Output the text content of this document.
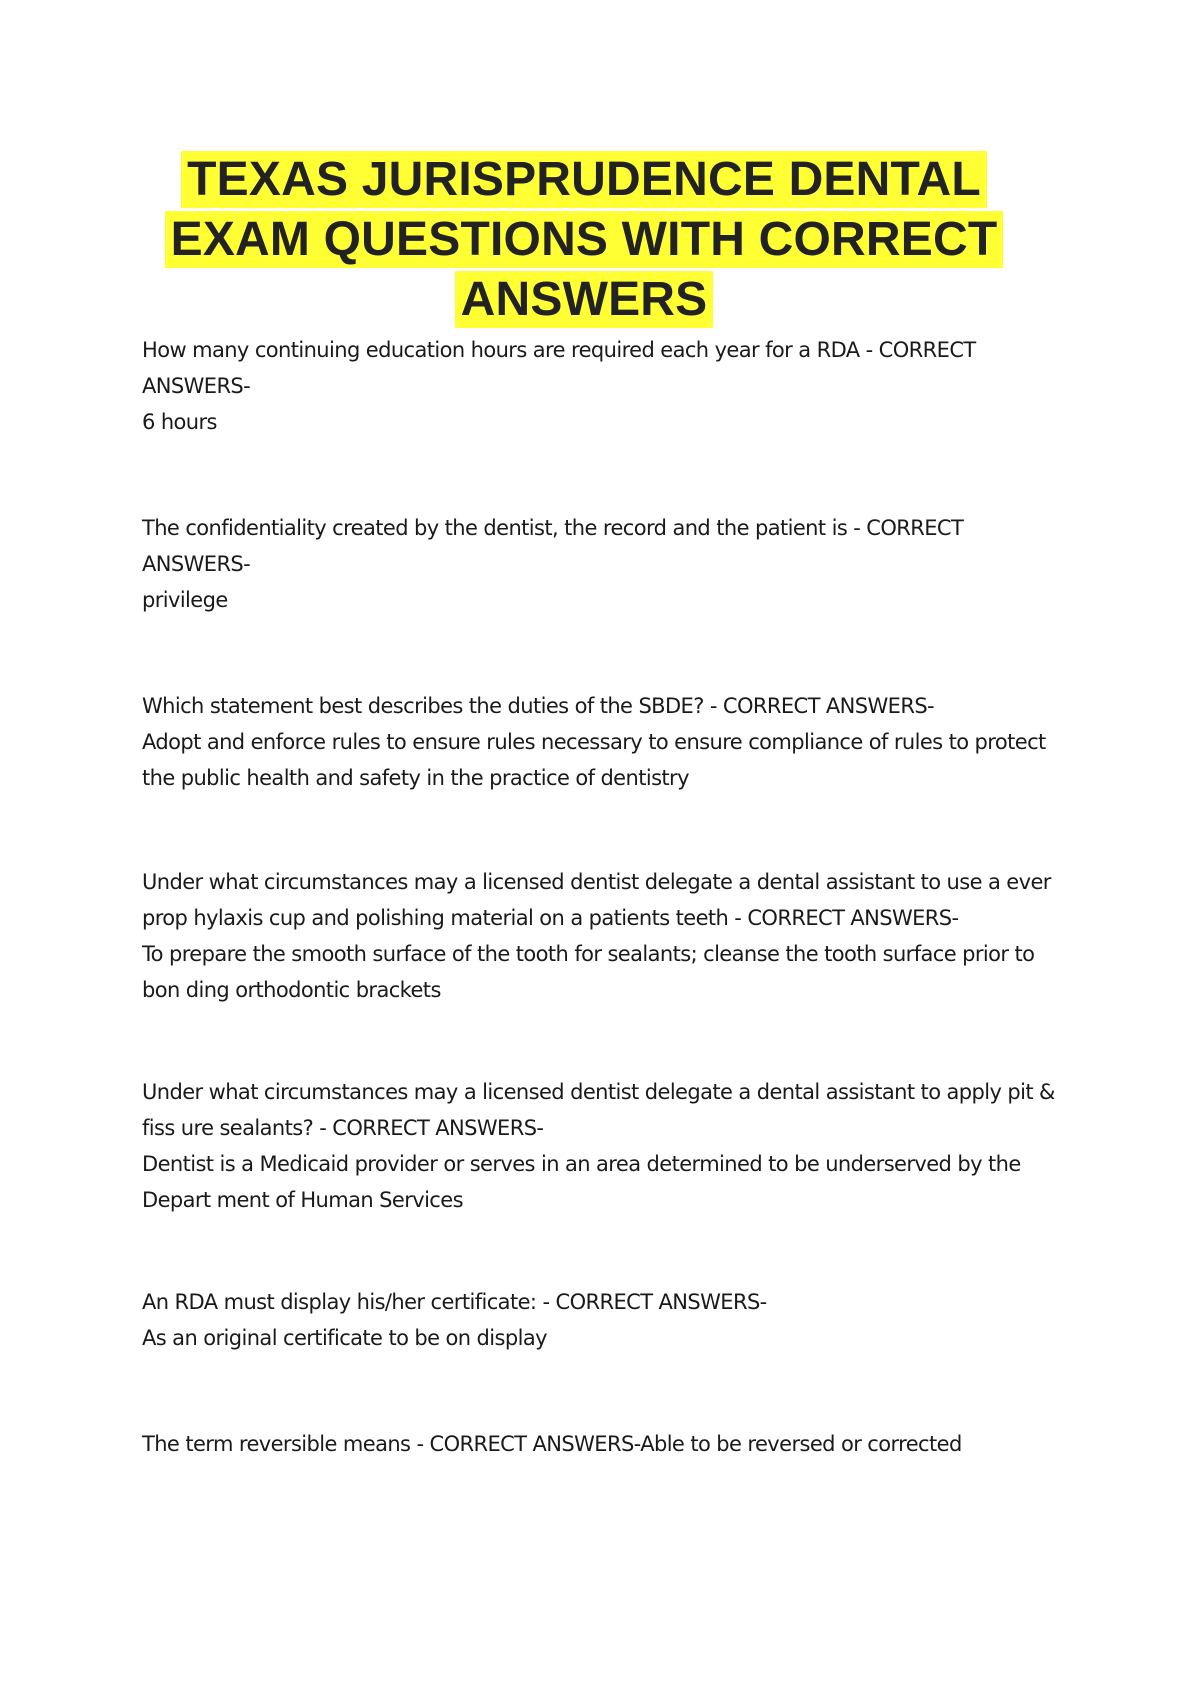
TEXAS JURISPRUDENCE DENTAL
EXAM QUESTIONS WITH CORRECT
ANSWERS

How many continuing education hours are required each year for a RDA - CORRECT ANSWERS-
6 hours

The confidentiality created by the dentist, the record and the patient is - CORRECT ANSWERS-
privilege

Which statement best describes the duties of the SBDE? - CORRECT ANSWERS-
Adopt and enforce rules to ensure rules necessary to ensure compliance of rules to protect the public health and safety in the practice of dentistry

Under what circumstances may a licensed dentist delegate a dental assistant to use a ever prop hylaxis cup and polishing material on a patients teeth - CORRECT ANSWERS-
To prepare the smooth surface of the tooth for sealants; cleanse the tooth surface prior to bon ding orthodontic brackets

Under what circumstances may a licensed dentist delegate a dental assistant to apply pit & fiss ure sealants? - CORRECT ANSWERS-
Dentist is a Medicaid provider or serves in an area determined to be underserved by the Depart ment of Human Services

An RDA must display his/her certificate: - CORRECT ANSWERS-
As an original certificate to be on display

The term reversible means - CORRECT ANSWERS-Able to be reversed or corrected
